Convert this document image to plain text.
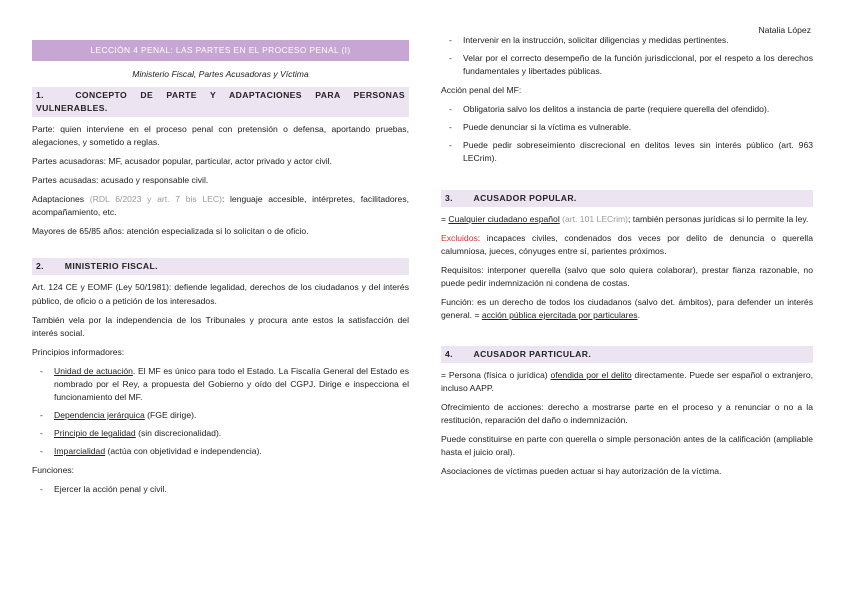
Natalia López
LECCIÓN 4 PENAL: LAS PARTES EN EL PROCESO PENAL (I)
Ministerio Fiscal, Partes Acusadoras y Víctima
1.	CONCEPTO DE PARTE Y ADAPTACIONES PARA PERSONAS VULNERABLES.

Parte: quien interviene en el proceso penal con pretensión o defensa, aportando pruebas, alegaciones, y sometido a reglas.

Partes acusadoras: MF, acusador popular, particular, actor privado y actor civil.

Partes acusadas: acusado y responsable civil.

Adaptaciones (RDL 6/2023 y art. 7 bis LEC): lenguaje accesible, intérpretes, facilitadores, acompañamiento, etc.

Mayores de 65/85 años: atención especializada si lo solicitan o de oficio.

2. MINISTERIO FISCAL.

Art. 124 CE y EOMF (Ley 50/1981): defiende legalidad, derechos de los ciudadanos y del interés público, de oficio o a petición de los interesados.

También vela por la independencia de los Tribunales y procura ante estos la satisfacción del interés social.

Principios informadores:

- Unidad de actuación. El MF es único para todo el Estado. La Fiscalía General del Estado es nombrado por el Rey, a propuesta del Gobierno y oído del CGPJ. Dirige e inspecciona el funcionamiento del MF.
- Dependencia jerárquica (FGE dirige).
- Principio de legalidad (sin discrecionalidad).
- Imparcialidad (actúa con objetividad e independencia).

Funciones:

- Ejercer la acción penal y civil.
- Intervenir en la instrucción, solicitar diligencias y medidas pertinentes.
- Velar por el correcto desempeño de la función jurisdiccional, por el respeto a los derechos fundamentales y libertades públicas.

Acción penal del MF:

- Obligatoria salvo los delitos a instancia de parte (requiere querella del ofendido).
- Puede denunciar si la víctima es vulnerable.
- Puede pedir sobreseimiento discrecional en delitos leves sin interés público (art. 963 LECrim).
3. ACUSADOR POPULAR.

= Cualquier ciudadano español (art. 101 LECrim); también personas jurídicas si lo permite la ley.

Excluidos: incapaces civiles, condenados dos veces por delito de denuncia o querella calumniosa, jueces, cónyuges entre sí, parientes próximos.

Requisitos: interponer querella (salvo que solo quiera colaborar), prestar fianza razonable, no puede pedir indemnización ni condena de costas.

Función: es un derecho de todos los ciudadanos (salvo det. ámbitos), para defender un interés general. = acción pública ejercitada por particulares.

4. ACUSADOR PARTICULAR.

= Persona (física o jurídica) ofendida por el delito directamente. Puede ser español o extranjero, incluso AAPP.

Ofrecimiento de acciones: derecho a mostrarse parte en el proceso y a renunciar o no a la restitución, reparación del daño o indemnización.

Puede constituirse en parte con querella o simple personación antes de la calificación (ampliable hasta el juicio oral).

Asociaciones de víctimas pueden actuar si hay autorización de la víctima.
